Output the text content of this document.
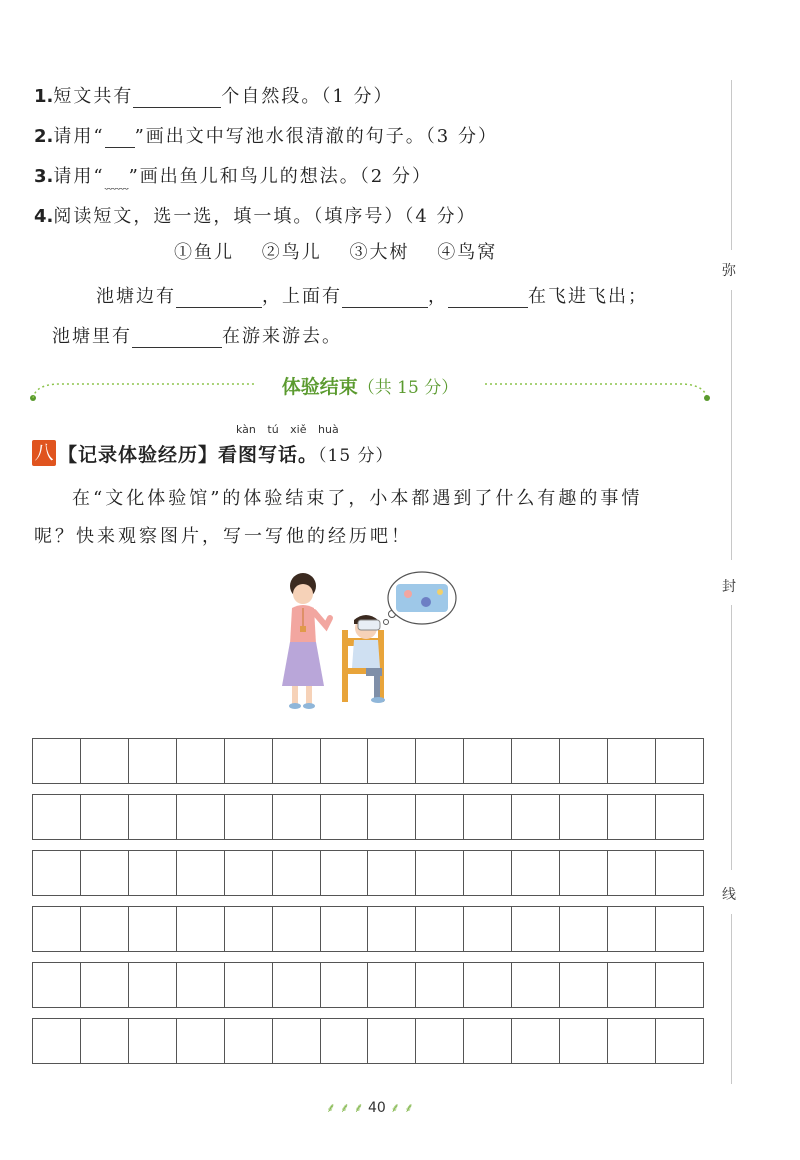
1.短文共有	个自然段。（1 分）
2.请用“ ”画出文中写池水很清澈的句子。（3 分）
3.请用“$_{﹏﹏}$”画出鱼儿和鸟儿的想法。（2 分）
4.阅读短文，选一选，填一填。（填序号）（4 分）
①鱼儿 ②鸟儿 ③大树 ④鸟窝
池塘边有	，上面有	，	在飞进飞出；
池塘里有	在游来游去。
弥
封
线
体验结束（共 15 分）
kàn tú xiě huà
八 【记录体验经历】看图写话。（15 分）
在“文化体验馆”的体验结束了，小本都遇到了什么有趣的事情
呢？快来观察图片，写一写他的经历吧！
⸙ ⸙ ⸙ 40 ⸙ ⸙
